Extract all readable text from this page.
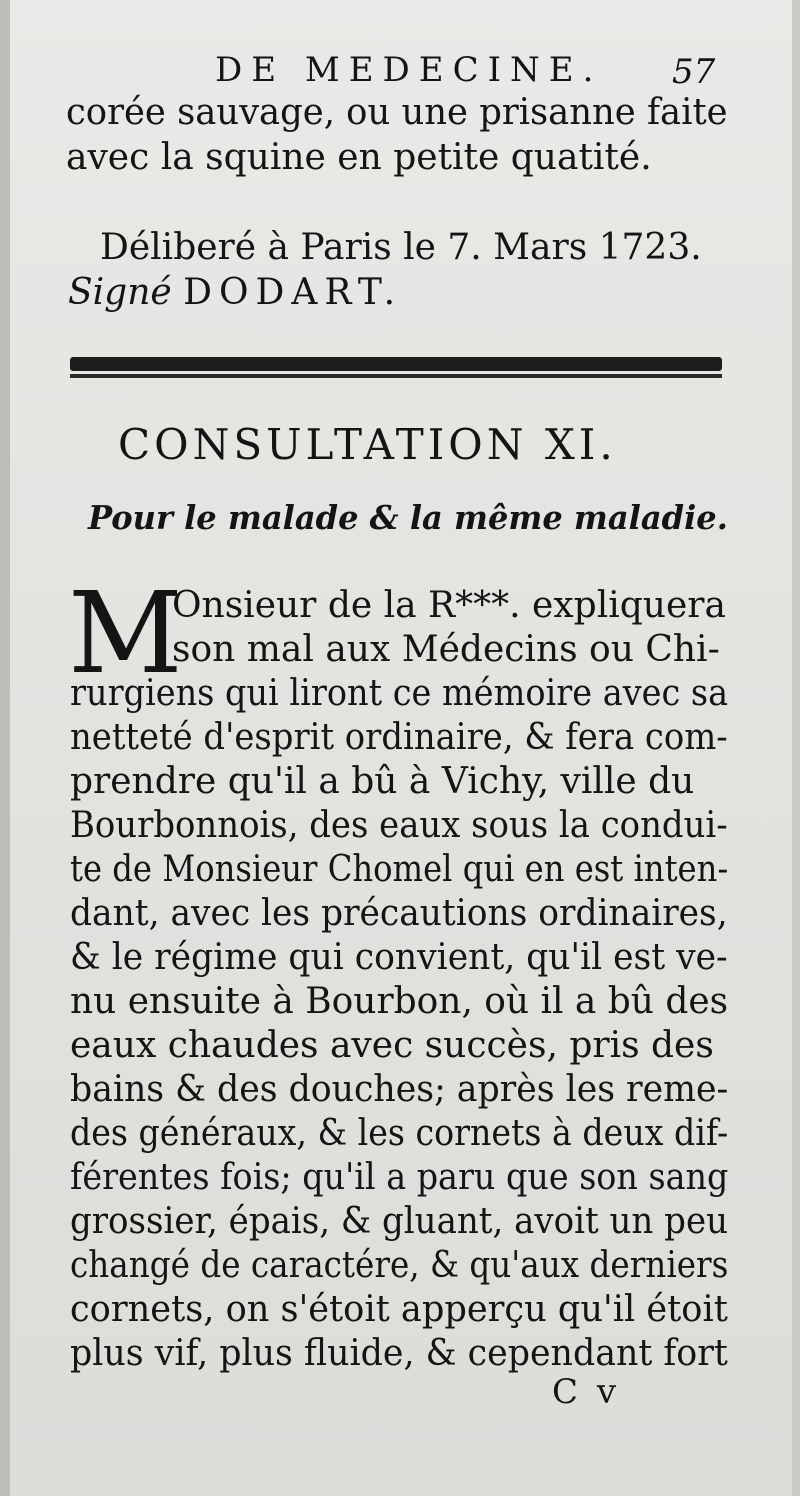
DE MEDECINE. 57
corée sauvage, ou une prisanne faite
avec la squine en petite quatité.
Déliberé à Paris le 7. Mars 1723.
Signé DODART.
CONSULTATION XI.
Pour le malade & la même maladie.
M
Onsieur de la R***. expliquera
son mal aux Médecins ou Chi-
rurgiens qui liront ce mémoire avec sa
netteté d'esprit ordinaire, & fera com-
prendre qu'il a bû à Vichy, ville du
Bourbonnois, des eaux sous la condui-
te de Monsieur Chomel qui en est inten-
dant, avec les précautions ordinaires,
& le régime qui convient, qu'il est ve-
nu ensuite à Bourbon, où il a bû des
eaux chaudes avec succès, pris des
bains & des douches; après les reme-
des généraux, & les cornets à deux dif-
férentes fois; qu'il a paru que son sang
grossier, épais, & gluant, avoit un peu
changé de caractére, & qu'aux derniers
cornets, on s'étoit apperçu qu'il étoit
plus vif, plus fluide, & cependant fort
C v
